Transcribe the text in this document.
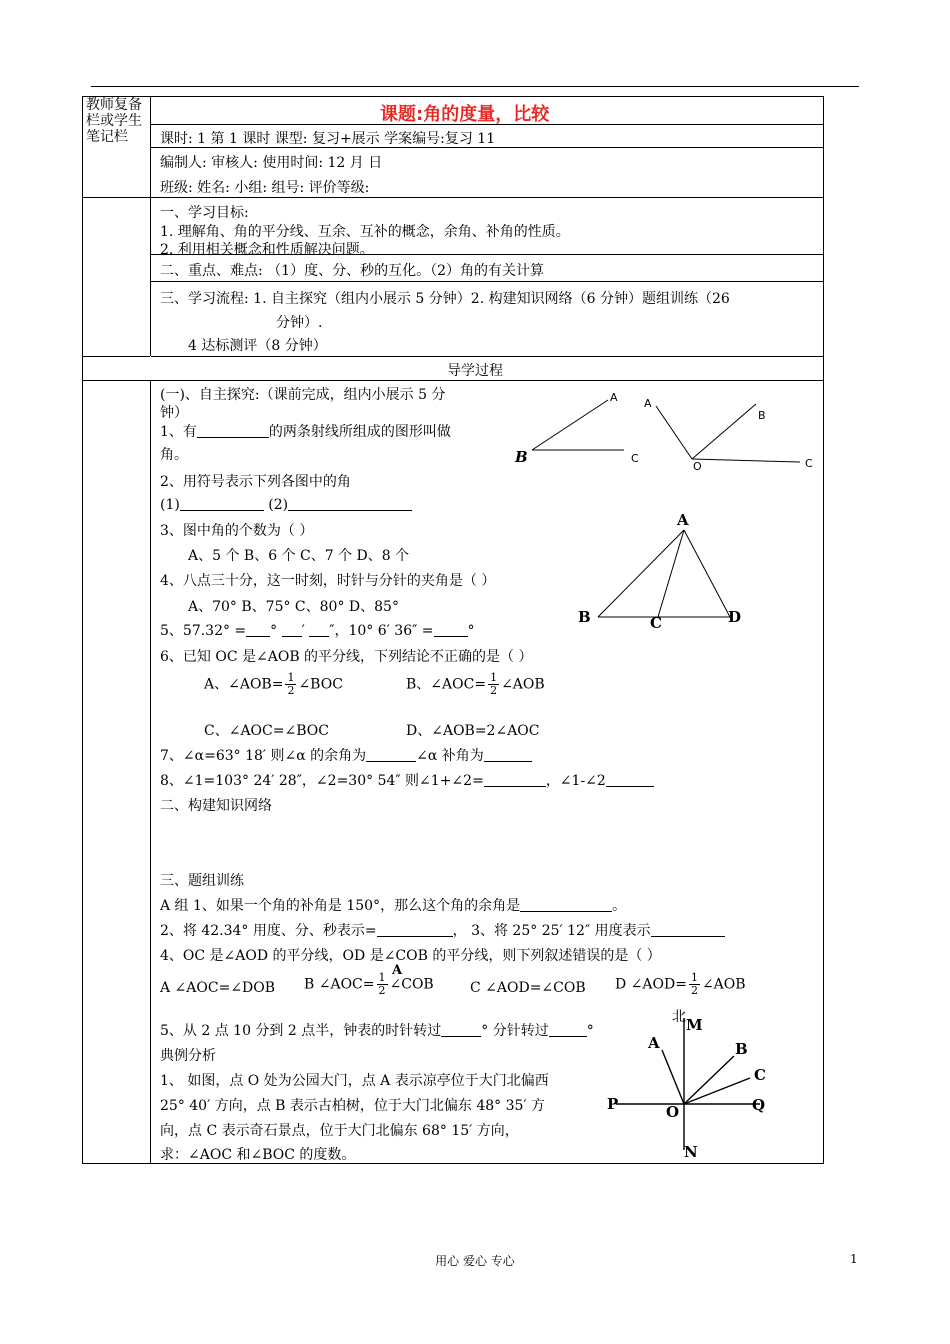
教师复备栏或学生笔记栏
课题:角的度量，比较
课时: 1 第 1 课时 课型: 复习+展示 学案编号:复习 11
编制人: 审核人: 使用时间: 12 月 日
班级: 姓名: 小组: 组号: 评价等级:
一、学习目标:
1. 理解角、角的平分线、互余、互补的概念，余角、补角的性质。
2. 利用相关概念和性质解决问题。
二、重点、难点: （1）度、分、秒的互化。（2）角的有关计算
三、学习流程: 1. 自主探究（组内小展示 5 分钟）2. 构建知识网络（6 分钟）题组训练（26
分钟）.
4 达标测评（8 分钟）
导学过程
(一)、自主探究:（课前完成，组内小展示 5 分
钟）
1、有	的两条射线所组成的图形叫做
角。
2、用符号表示下列各图中的角
(1)	(2)
3、图中角的个数为（ ）
A、5 个 B、6 个 C、7 个 D、8 个
4、八点三十分，这一时刻，时针与分针的夹角是（ ）
A、70° B、75° C、80° D、85°
5、57.32° = ° ′ ″，10° 6′ 36″ = °
6、已知 OC 是∠AOB 的平分线，下列结论不正确的是（ ）
A、∠AOB= $\frac{1}{2}$ ∠BOC	B、∠AOC= $\frac{1}{2}$ ∠AOB
C、∠AOC=∠BOC	D、∠AOB=2∠AOC
7、∠α=63° 18′ 则∠α 的余角为	∠α 补角为
8、∠1=103° 24′ 28″，∠2=30° 54″ 则∠1+∠2=	，∠1-∠2
二、构建知识网络
三、题组训练
A 组 1、如果一个角的补角是 150°，那么这个角的余角是	。
2、将 42.34° 用度、分、秒表示=	， 3、将 25° 25′ 12″ 用度表示
4、OC 是∠AOD 的平分线，OD 是∠COB 的平分线，则下列叙述错误的是（ ）
A ∠AOC=∠DOB B ∠AOC= $\frac{1}{2}$ ∠COB	C ∠AOD=∠COB D ∠AOD= $\frac{1}{2}$ ∠AOB
A
5、从 2 点 10 分到 2 点半，钟表的时针转过	° 分针转过	°
典例分析
1、 如图，点 O 处为公园大门，点 A 表示凉亭位于大门北偏西
25° 40′ 方向，点 B 表示古柏树，位于大门北偏东 48° 35′ 方
向，点 C 表示奇石景点，位于大门北偏东 68° 15′ 方向，
求：∠AOC 和∠BOC 的度数。
A
B	C
A
B
O	C
A
B	C	D
北 M
A	B
C
P	O	Q
N
用心 爱心 专心	1
